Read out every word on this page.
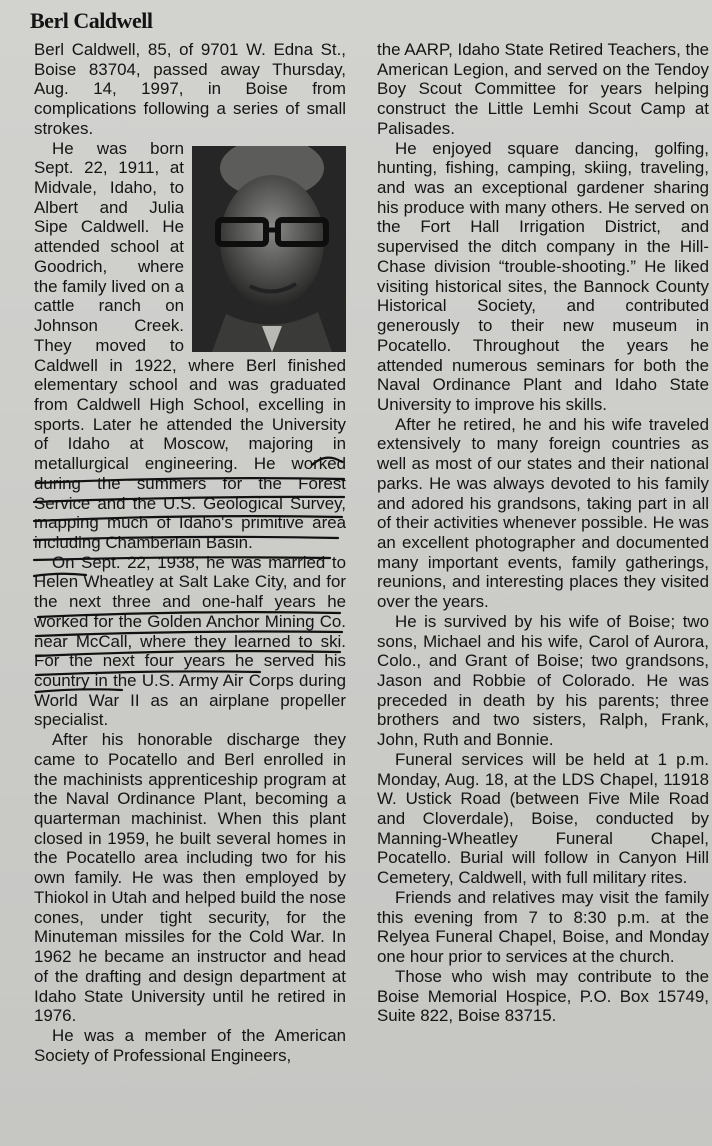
Berl Caldwell

Berl Caldwell, 85, of 9701 W. Edna St., Boise 83704, passed away Thursday, Aug. 14, 1997, in Boise from complications following a series of small strokes.

He was born Sept. 22, 1911, at Midvale, Idaho, to Albert and Julia Sipe Caldwell. He attended school at Goodrich, where the family lived on a cattle ranch on Johnson Creek. They moved to Caldwell in 1922, where Berl finished elementary school and was graduated from Caldwell High School, excelling in sports. Later he attended the University of Idaho at Moscow, majoring in metallurgical engineering. He worked during the summers for the Forest Service and the U.S. Geological Survey, mapping much of Idaho's primitive area including Chamberlain Basin.

On Sept. 22, 1938, he was married to Helen Wheatley at Salt Lake City, and for the next three and one-half years he worked for the Golden Anchor Mining Co. near McCall, where they learned to ski. For the next four years he served his country in the U.S. Army Air Corps during World War II as an airplane propeller specialist.

After his honorable discharge they came to Pocatello and Berl enrolled in the machinists apprenticeship program at the Naval Ordinance Plant, becoming a quarterman machinist. When this plant closed in 1959, he built several homes in the Pocatello area including two for his own family. He was then employed by Thiokol in Utah and helped build the nose cones, under tight security, for the Minuteman missiles for the Cold War. In 1962 he became an instructor and head of the drafting and design department at Idaho State University until he retired in 1976.

He was a member of the American Society of Professional Engineers,

the AARP, Idaho State Retired Teachers, the American Legion, and served on the Tendoy Boy Scout Committee for years helping construct the Little Lemhi Scout Camp at Palisades.

He enjoyed square dancing, golfing, hunting, fishing, camping, skiing, traveling, and was an exceptional gardener sharing his produce with many others. He served on the Fort Hall Irrigation District, and supervised the ditch company in the Hill-Chase division “trouble-shooting.” He liked visiting historical sites, the Bannock County Historical Society, and contributed generously to their new museum in Pocatello. Throughout the years he attended numerous seminars for both the Naval Ordinance Plant and Idaho State University to improve his skills.

After he retired, he and his wife traveled extensively to many foreign countries as well as most of our states and their national parks. He was always devoted to his family and adored his grandsons, taking part in all of their activities whenever possible. He was an excellent photographer and documented many important events, family gatherings, reunions, and interesting places they visited over the years.

He is survived by his wife of Boise; two sons, Michael and his wife, Carol of Aurora, Colo., and Grant of Boise; two grandsons, Jason and Robbie of Colorado. He was preceded in death by his parents; three brothers and two sisters, Ralph, Frank, John, Ruth and Bonnie.

Funeral services will be held at 1 p.m. Monday, Aug. 18, at the LDS Chapel, 11918 W. Ustick Road (between Five Mile Road and Cloverdale), Boise, conducted by Manning-Wheatley Funeral Chapel, Pocatello. Burial will follow in Canyon Hill Cemetery, Caldwell, with full military rites.

Friends and relatives may visit the family this evening from 7 to 8:30 p.m. at the Relyea Funeral Chapel, Boise, and Monday one hour prior to services at the church.

Those who wish may contribute to the Boise Memorial Hospice, P.O. Box 15749, Suite 822, Boise 83715.
